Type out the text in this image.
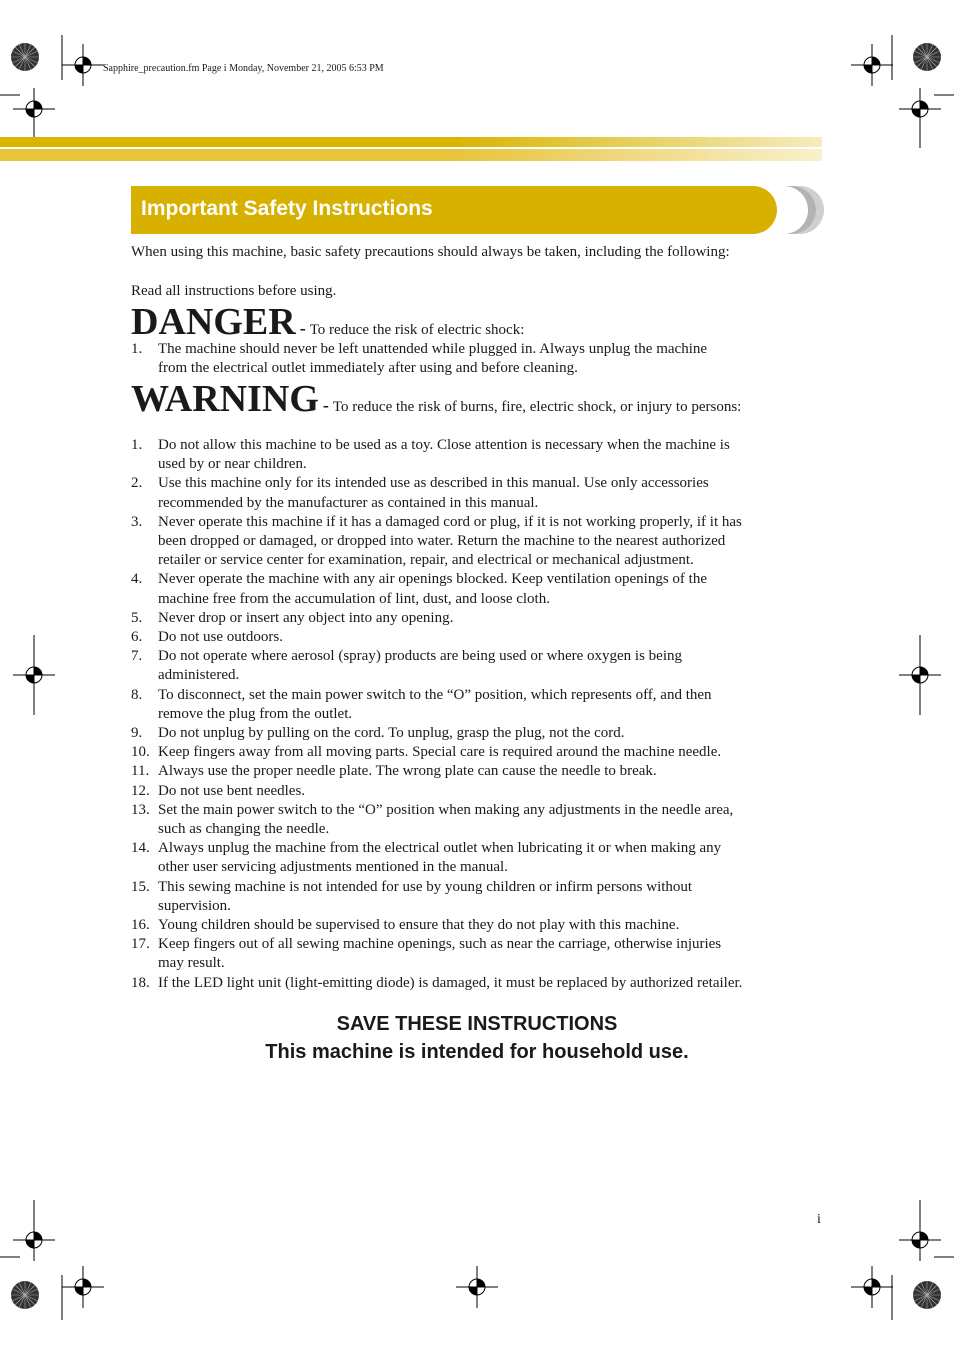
Sapphire_precaution.fm Page i Monday, November 21, 2005 6:53 PM
Important Safety Instructions
When using this machine, basic safety precautions should always be taken, including the following:
Read all instructions before using.
DANGER - To reduce the risk of electric shock:
1. The machine should never be left unattended while plugged in. Always unplug the machine
from the electrical outlet immediately after using and before cleaning.
WARNING - To reduce the risk of burns, fire, electric shock, or injury to persons:
1. Do not allow this machine to be used as a toy. Close attention is necessary when the machine is
used by or near children.
2. Use this machine only for its intended use as described in this manual. Use only accessories
recommended by the manufacturer as contained in this manual.
3. Never operate this machine if it has a damaged cord or plug, if it is not working properly, if it has
been dropped or damaged, or dropped into water. Return the machine to the nearest authorized
retailer or service center for examination, repair, and electrical or mechanical adjustment.
4. Never operate the machine with any air openings blocked. Keep ventilation openings of the
machine free from the accumulation of lint, dust, and loose cloth.
5. Never drop or insert any object into any opening.
6. Do not use outdoors.
7. Do not operate where aerosol (spray) products are being used or where oxygen is being
administered.
8. To disconnect, set the main power switch to the “O” position, which represents off, and then
remove the plug from the outlet.
9. Do not unplug by pulling on the cord. To unplug, grasp the plug, not the cord.
10. Keep fingers away from all moving parts. Special care is required around the machine needle.
11. Always use the proper needle plate. The wrong plate can cause the needle to break.
12. Do not use bent needles.
13. Set the main power switch to the “O” position when making any adjustments in the needle area,
such as changing the needle.
14. Always unplug the machine from the electrical outlet when lubricating it or when making any
other user servicing adjustments mentioned in the manual.
15. This sewing machine is not intended for use by young children or infirm persons without
supervision.
16. Young children should be supervised to ensure that they do not play with this machine.
17. Keep fingers out of all sewing machine openings, such as near the carriage, otherwise injuries
may result.
18. If the LED light unit (light-emitting diode) is damaged, it must be replaced by authorized retailer.
SAVE THESE INSTRUCTIONS
This machine is intended for household use.
i
